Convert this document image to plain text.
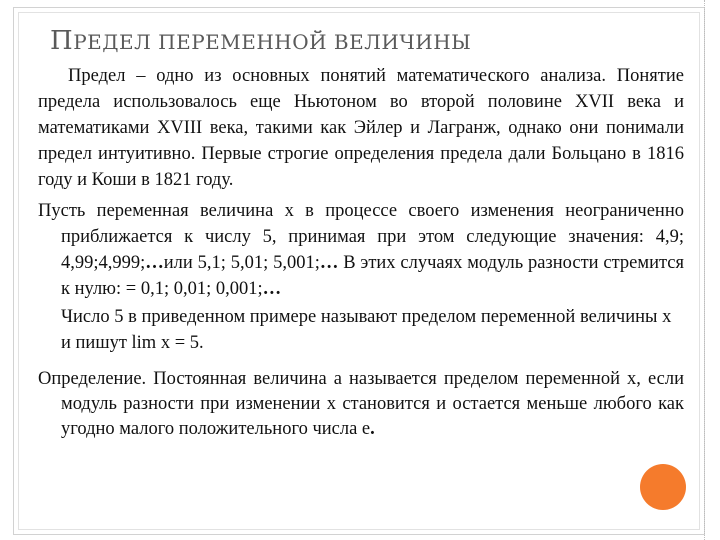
ПРЕДЕЛ ПЕРЕМЕННОЙ ВЕЛИЧИНЫ

Предел – одно из основных понятий математического анализа. Понятие предела использовалось еще Ньютоном во второй половине XVII века и математиками XVIII века, такими как Эйлер и Лагранж, однако они понимали предел интуитивно. Первые строгие определения предела дали Больцано в 1816 году и Коши в 1821 году.

Пусть переменная величина х в процессе своего изменения неограниченно приближается к числу 5, принимая при этом следующие значения: 4,9; 4,99;4,999;…или 5,1; 5,01; 5,001;… В этих случаях модуль разности стремится к нулю: = 0,1; 0,01; 0,001;…

Число 5 в приведенном примере называют пределом переменной величины х и пишут lim x = 5.

Определение. Постоянная величина а называется пределом переменной х, если модуль разности при изменении х становится и остается меньше любого как угодно малого положительного числа е.
